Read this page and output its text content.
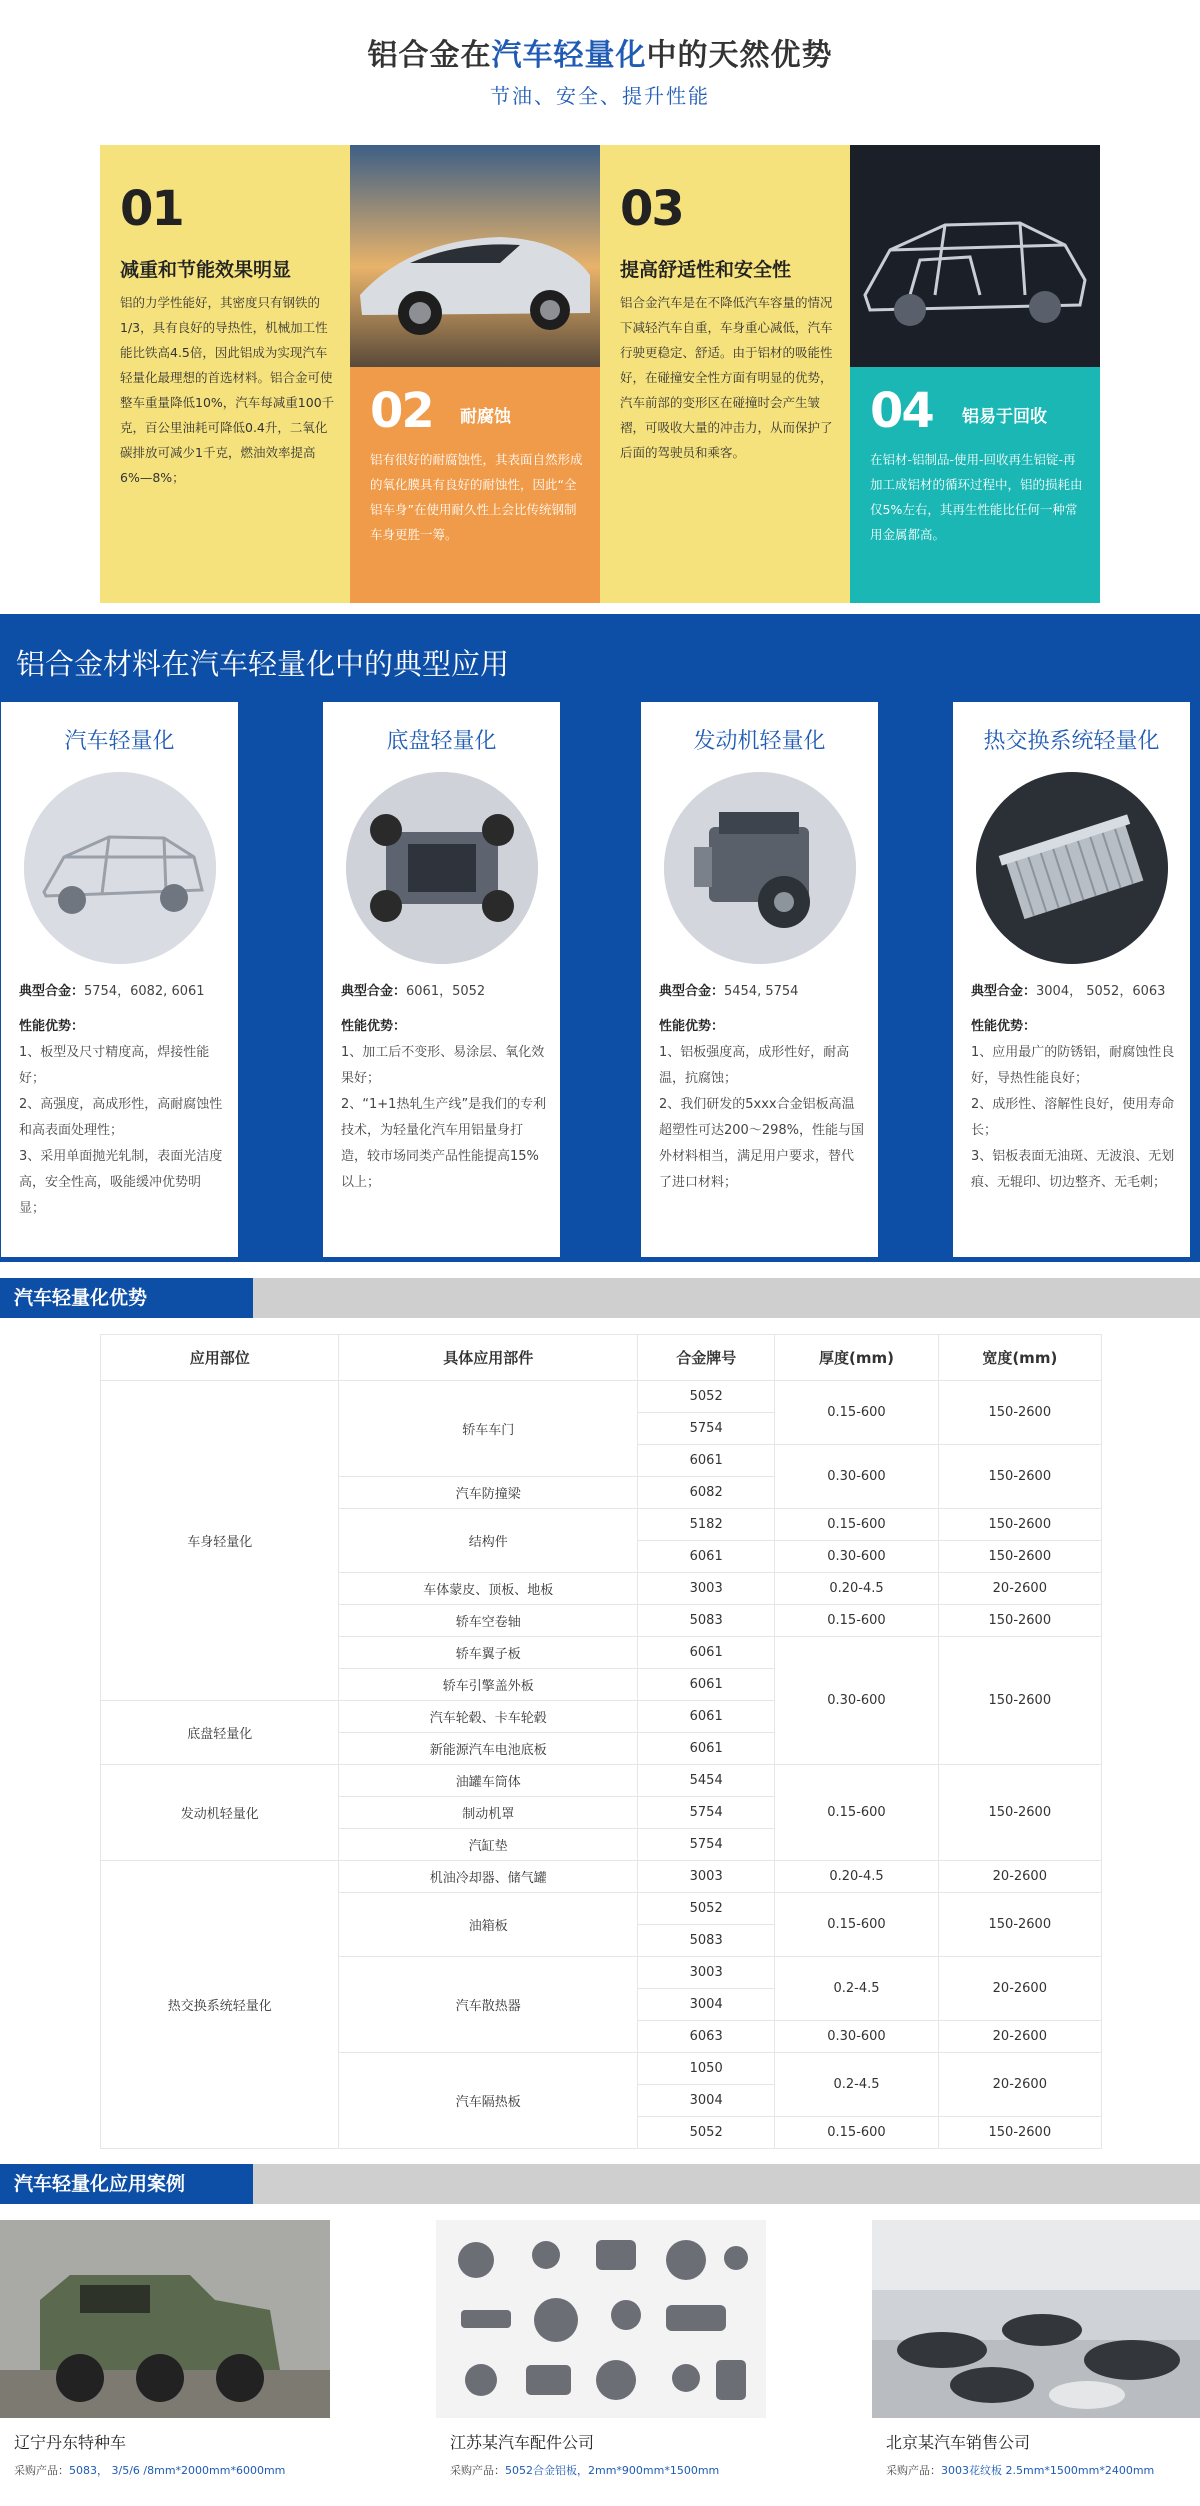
铝合金在汽车轻量化中的天然优势
节油、安全、提升性能
01
减重和节能效果明显
铝的力学性能好，其密度只有钢铁的1/3，具有良好的导热性，机械加工性能比铁高4.5倍，因此铝成为实现汽车轻量化最理想的首选材料。铝合金可使整车重量降低10%，汽车每减重100千克，百公里油耗可降低0.4升，二氧化碳排放可减少1千克，燃油效率提高6%—8%；
02 耐腐蚀
铝有很好的耐腐蚀性，其表面自然形成的氧化膜具有良好的耐蚀性，因此“全铝车身”在使用耐久性上会比传统钢制车身更胜一筹。
03
提高舒适性和安全性
铝合金汽车是在不降低汽车容量的情况下减轻汽车自重，车身重心减低，汽车行驶更稳定、舒适。由于铝材的吸能性好，在碰撞安全性方面有明显的优势，汽车前部的变形区在碰撞时会产生皱褶，可吸收大量的冲击力，从而保护了后面的驾驶员和乘客。
04 铝易于回收
在铝材-铝制品-使用-回收再生铝锭-再加工成铝材的循环过程中，铝的损耗由仅5%左右，其再生性能比任何一种常用金属都高。
铝合金材料在汽车轻量化中的典型应用
汽车轻量化
典型合金：5754，6082, 6061
性能优势：
1、板型及尺寸精度高，焊接性能好；
2、高强度，高成形性，高耐腐蚀性和高表面处理性；
3、采用单面抛光轧制，表面光洁度高，安全性高，吸能缓冲优势明显；
底盘轻量化
典型合金：6061，5052
性能优势：
1、加工后不变形、易涂层、氧化效果好；
2、“1+1热轧生产线”是我们的专利技术，为轻量化汽车用铝量身打造，较市场同类产品性能提高15%以上；
发动机轻量化
典型合金：5454, 5754
性能优势：
1、铝板强度高，成形性好，耐高温，抗腐蚀；
2、我们研发的5xxx合金铝板高温超塑性可达200～298%，性能与国外材料相当，满足用户要求，替代了进口材料；
热交换系统轻量化
典型合金：3004， 5052，6063
性能优势：
1、应用最广的防锈铝，耐腐蚀性良好，导热性能良好；
2、成形性、溶解性良好，使用寿命长；
3、铝板表面无油斑、无波浪、无划痕、无辊印、切边整齐、无毛刺；
汽车轻量化优势
应用部位	具体应用部件	合金牌号	厚度(mm)	宽度(mm)
车身轻量化	轿车车门	5052	0.15-600	150-2600
		5754		
		6061	0.30-600	150-2600
	汽车防撞梁	6082		
	结构件	5182	0.15-600	150-2600
		6061	0.30-600	150-2600
	车体蒙皮、顶板、地板	3003	0.20-4.5	20-2600
	轿车空卷轴	5083	0.15-600	150-2600
	轿车翼子板	6061	0.30-600	150-2600
	轿车引擎盖外板	6061		
底盘轻量化	汽车轮毂、卡车轮毂	6061		
	新能源汽车电池底板	6061		
发动机轻量化	油罐车筒体	5454	0.15-600	150-2600
	制动机罩	5754		
	汽缸垫	5754		
热交换系统轻量化	机油冷却器、储气罐	3003	0.20-4.5	20-2600
	油箱板	5052	0.15-600	150-2600
		5083		
	汽车散热器	3003	0.2-4.5	20-2600
		3004		
		6063	0.30-600	20-2600
	汽车隔热板	1050	0.2-4.5	20-2600
		3004		
		5052	0.15-600	150-2600
汽车轻量化应用案例
辽宁丹东特种车
采购产品：5083， 3/5/6 /8mm*2000mm*6000mm
江苏某汽车配件公司
采购产品：5052合金铝板，2mm*900mm*1500mm
北京某汽车销售公司
采购产品：3003花纹板 2.5mm*1500mm*2400mm
